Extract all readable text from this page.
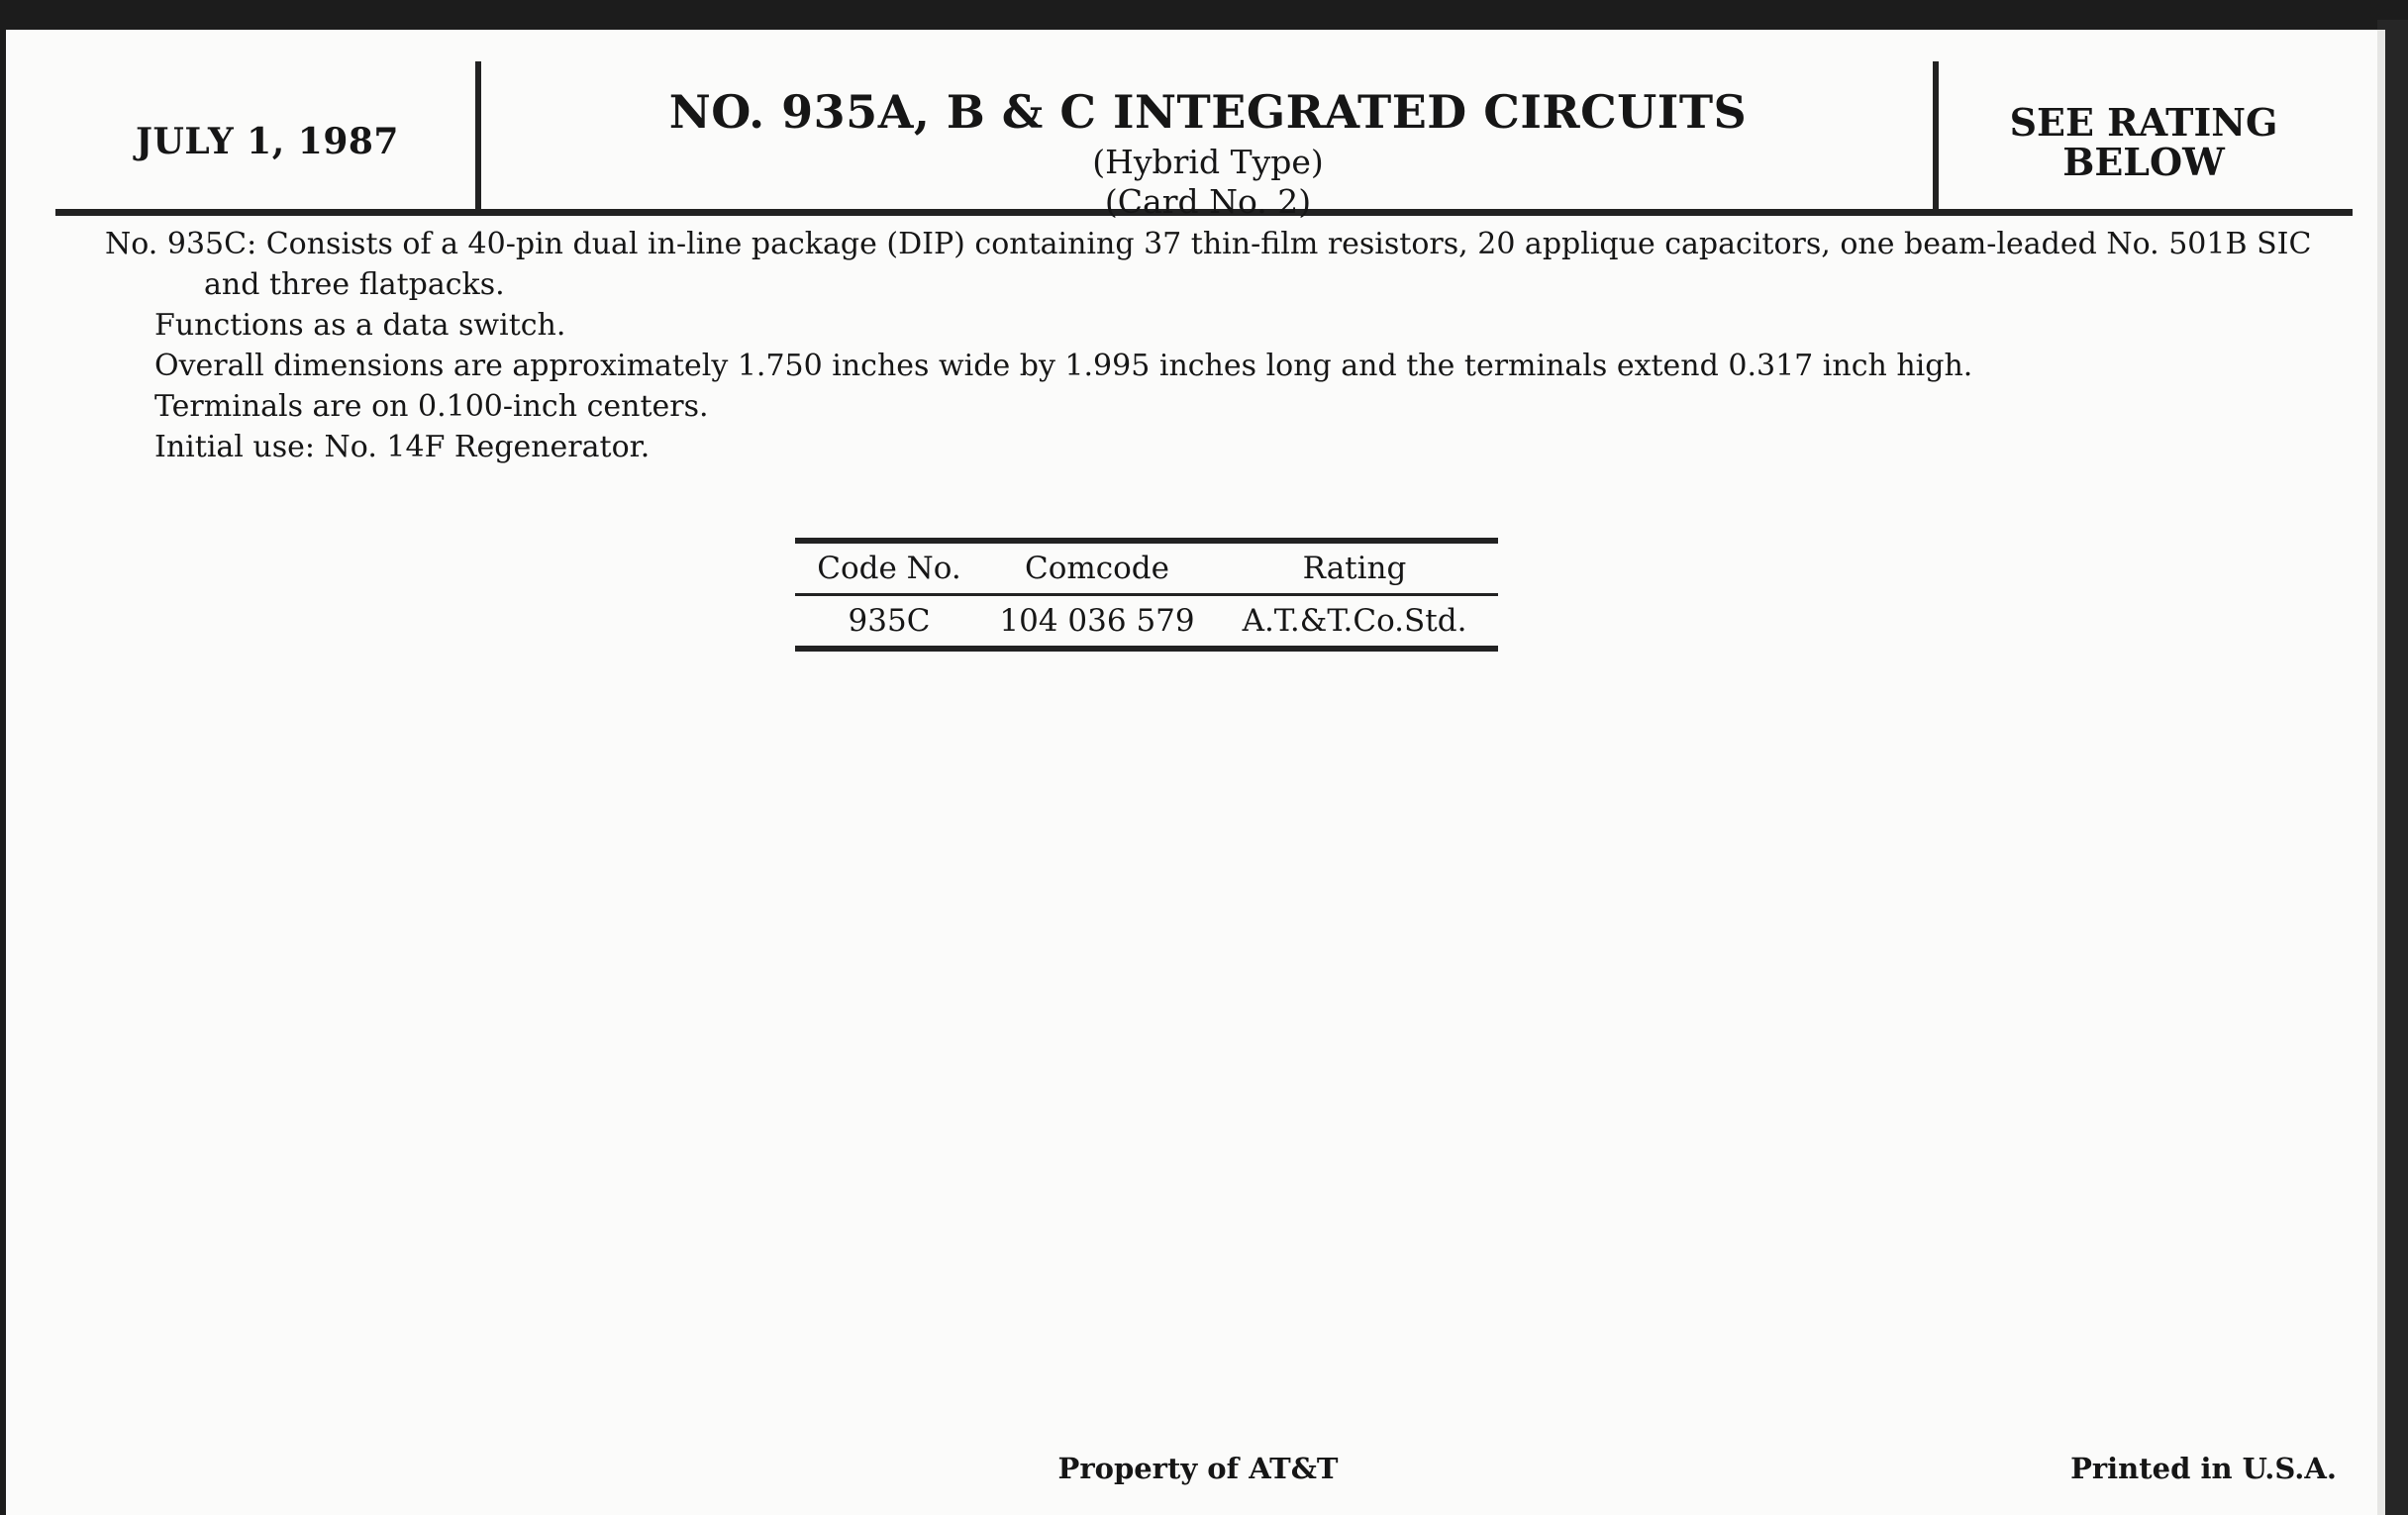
JULY 1, 1987
NO. 935A, B & C INTEGRATED CIRCUITS
(Hybrid Type)
(Card No. 2)
SEE RATING
BELOW

No. 935C: Consists of a 40-pin dual in-line package (DIP) containing 37 thin-film resistors, 20 applique capacitors, one beam-leaded No. 501B SIC and three flatpacks.

Functions as a data switch.

Overall dimensions are approximately 1.750 inches wide by 1.995 inches long and the terminals extend 0.317 inch high.

Terminals are on 0.100-inch centers.

Initial use: No. 14F Regenerator.

Code No.	Comcode	Rating
935C	104 036 579	A.T.&T.Co.Std.
Property of AT&T	Printed in U.S.A.
